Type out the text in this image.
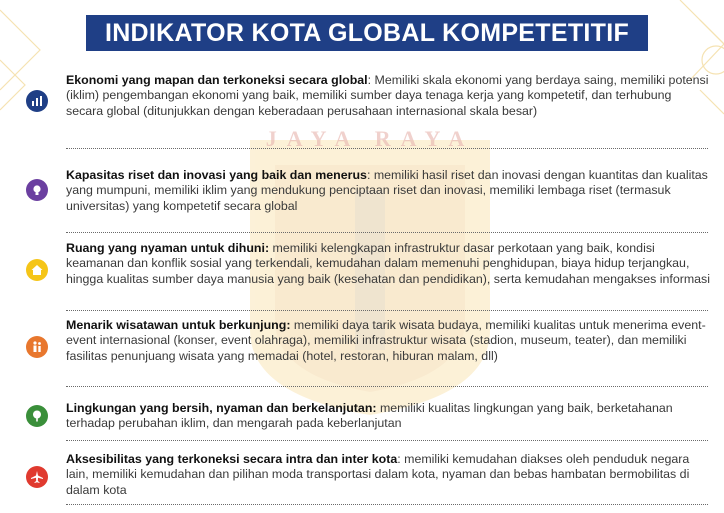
JAYA RAYA
INDIKATOR KOTA GLOBAL KOMPETETITIF
Ekonomi yang mapan dan terkoneksi secara global: Memiliki skala ekonomi yang berdaya saing, memiliki potensi (iklim) pengembangan ekonomi yang baik, memiliki sumber daya tenaga kerja yang kompetetif, dan terhubung secara global (ditunjukkan dengan keberadaan perusahaan internasional skala besar)
Kapasitas riset dan inovasi yang baik dan menerus: memiliki hasil riset dan inovasi dengan kuantitas dan kualitas yang mumpuni, memiliki iklim yang mendukung penciptaan riset dan inovasi, memiliki lembaga riset (termasuk universitas) yang kompetetif secara global
Ruang yang nyaman untuk dihuni: memiliki kelengkapan infrastruktur dasar perkotaan yang baik, kondisi keamanan dan konflik sosial yang terkendali, kemudahan dalam memenuhi penghidupan, biaya hidup terjangkau, hingga kualitas sumber daya manusia yang baik (kesehatan dan pendidikan), serta kemudahan mengakses informasi
Menarik wisatawan untuk berkunjung: memiliki daya tarik wisata budaya, memiliki kualitas untuk menerima event-event internasional (konser, event olahraga), memiliki infrastruktur wisata (stadion, museum, teater), dan memiliki fasilitas penunjuang wisata yang memadai (hotel, restoran, hiburan malam, dll)
Lingkungan yang bersih, nyaman dan berkelanjutan: memiliki kualitas lingkungan yang baik, berketahanan terhadap perubahan iklim, dan mengarah pada keberlanjutan
Aksesibilitas yang terkoneksi secara intra dan inter kota: memiliki kemudahan diakses oleh penduduk negara lain, memiliki kemudahan dan pilihan moda transportasi dalam kota, nyaman dan bebas hambatan bermobilitas di dalam kota
